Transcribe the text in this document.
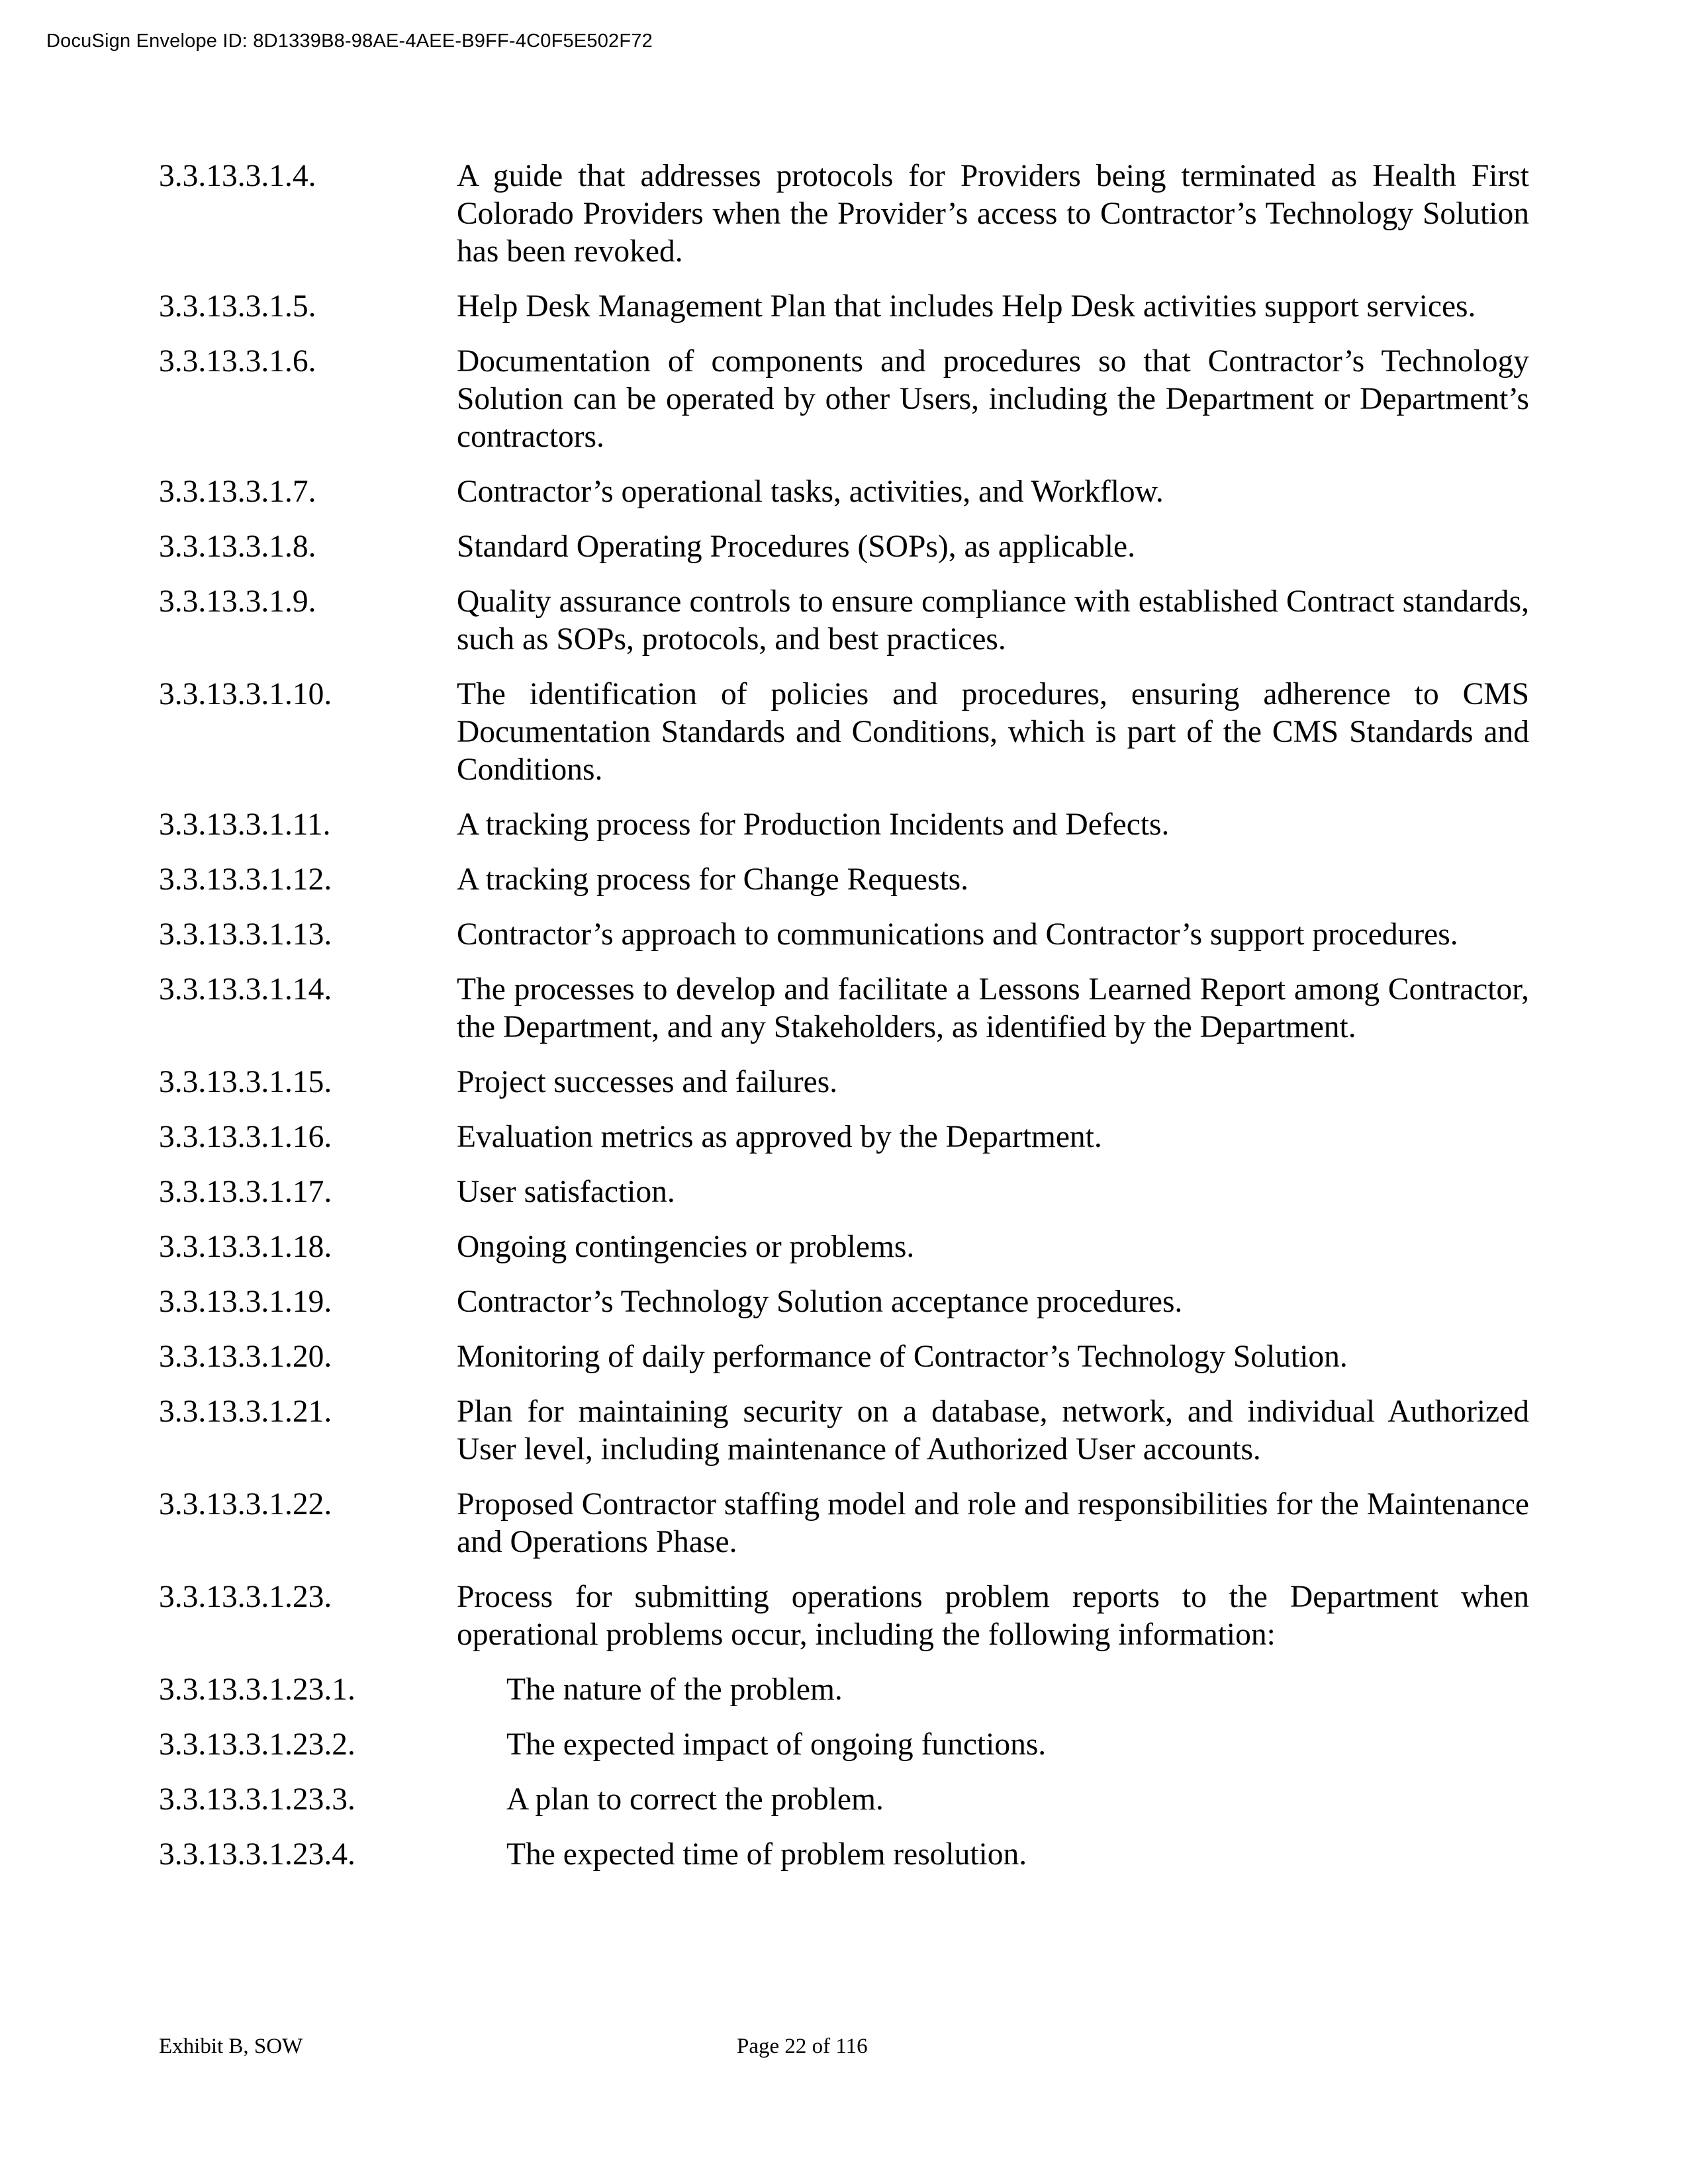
DocuSign Envelope ID: 8D1339B8-98AE-4AEE-B9FF-4C0F5E502F72
3.3.13.3.1.4.	A guide that addresses protocols for Providers being terminated as Health First Colorado Providers when the Provider’s access to Contractor’s Technology Solution has been revoked.
3.3.13.3.1.5.	Help Desk Management Plan that includes Help Desk activities support services.
3.3.13.3.1.6.	Documentation of components and procedures so that Contractor’s Technology Solution can be operated by other Users, including the Department or Department’s contractors.
3.3.13.3.1.7.	Contractor’s operational tasks, activities, and Workflow.
3.3.13.3.1.8.	Standard Operating Procedures (SOPs), as applicable.
3.3.13.3.1.9.	Quality assurance controls to ensure compliance with established Contract standards, such as SOPs, protocols, and best practices.
3.3.13.3.1.10.	The identification of policies and procedures, ensuring adherence to CMS Documentation Standards and Conditions, which is part of the CMS Standards and Conditions.
3.3.13.3.1.11.	A tracking process for Production Incidents and Defects.
3.3.13.3.1.12.	A tracking process for Change Requests.
3.3.13.3.1.13.	Contractor’s approach to communications and Contractor’s support procedures.
3.3.13.3.1.14.	The processes to develop and facilitate a Lessons Learned Report among Contractor, the Department, and any Stakeholders, as identified by the Department.
3.3.13.3.1.15.	Project successes and failures.
3.3.13.3.1.16.	Evaluation metrics as approved by the Department.
3.3.13.3.1.17.	User satisfaction.
3.3.13.3.1.18.	Ongoing contingencies or problems.
3.3.13.3.1.19.	Contractor’s Technology Solution acceptance procedures.
3.3.13.3.1.20.	Monitoring of daily performance of Contractor’s Technology Solution.
3.3.13.3.1.21.	Plan for maintaining security on a database, network, and individual Authorized User level, including maintenance of Authorized User accounts.
3.3.13.3.1.22.	Proposed Contractor staffing model and role and responsibilities for the Maintenance and Operations Phase.
3.3.13.3.1.23.	Process for submitting operations problem reports to the Department when operational problems occur, including the following information:
3.3.13.3.1.23.1.	The nature of the problem.
3.3.13.3.1.23.2.	The expected impact of ongoing functions.
3.3.13.3.1.23.3.	A plan to correct the problem.
3.3.13.3.1.23.4.	The expected time of problem resolution.
Exhibit B, SOW	Page 22 of 116
